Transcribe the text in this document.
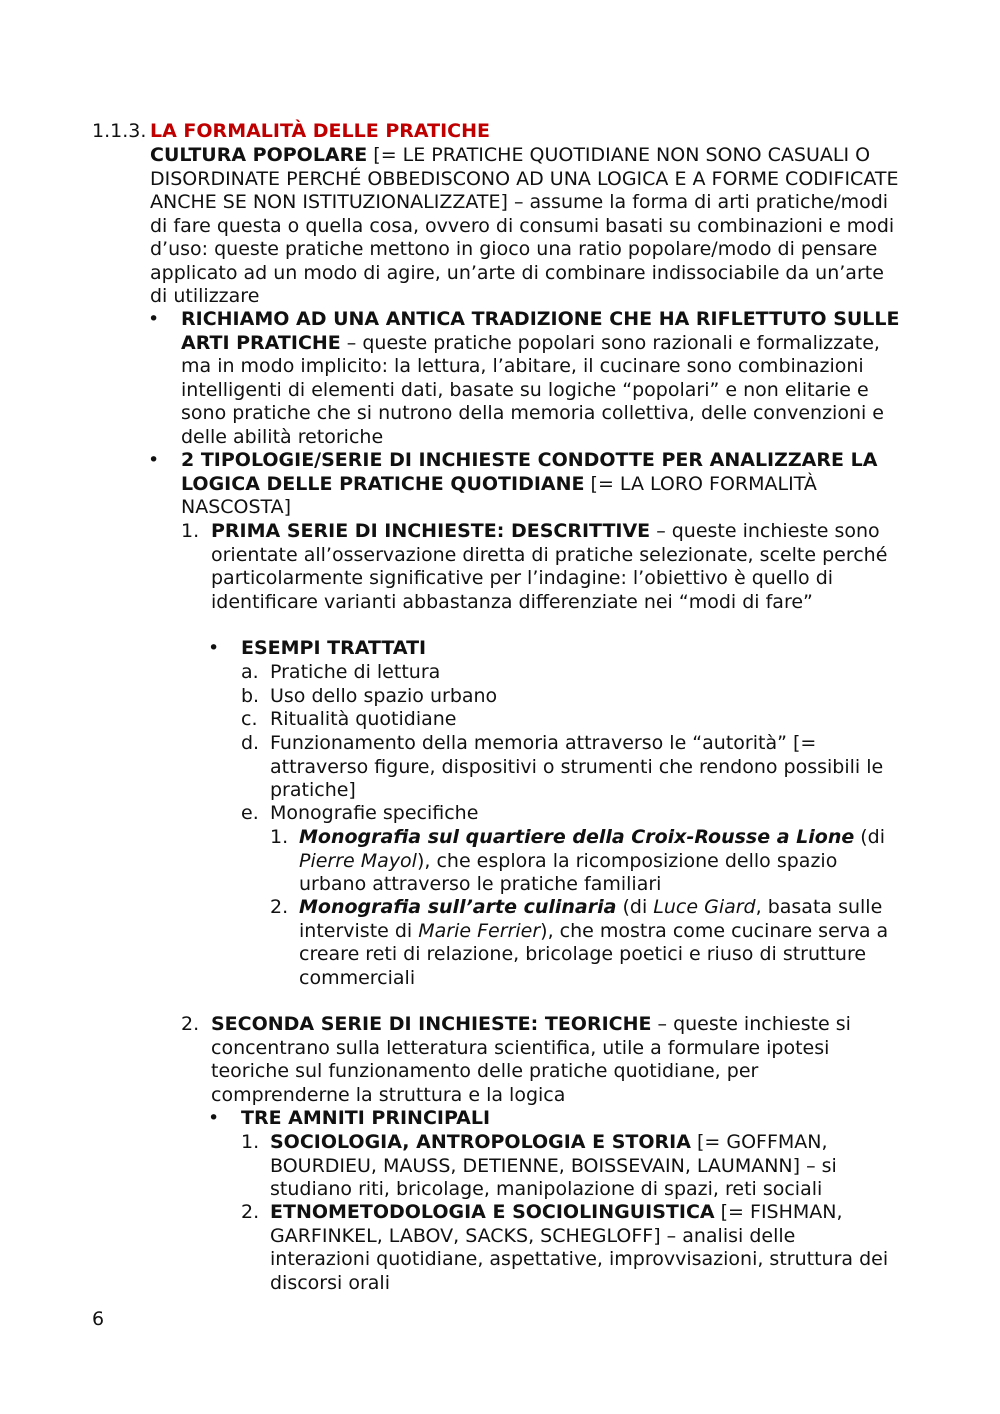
1.1.3. LA FORMALITÀ DELLE PRATICHE
CULTURA POPOLARE [= LE PRATICHE QUOTIDIANE NON SONO CASUALI O DISORDINATE PERCHÉ OBBEDISCONO AD UNA LOGICA E A FORME CODIFICATE ANCHE SE NON ISTITUZIONALIZZATE] – assume la forma di arti pratiche/modi di fare questa o quella cosa, ovvero di consumi basati su combinazioni e modi d’uso: queste pratiche mettono in gioco una ratio popolare/modo di pensare applicato ad un modo di agire, un’arte di combinare indissociabile da un’arte di utilizzare
• RICHIAMO AD UNA ANTICA TRADIZIONE CHE HA RIFLETTUTO SULLE ARTI PRATICHE – queste pratiche popolari sono razionali e formalizzate, ma in modo implicito: la lettura, l’abitare, il cucinare sono combinazioni intelligenti di elementi dati, basate su logiche “popolari” e non elitarie e sono pratiche che si nutrono della memoria collettiva, delle convenzioni e delle abilità retoriche
• 2 TIPOLOGIE/SERIE DI INCHIESTE CONDOTTE PER ANALIZZARE LA LOGICA DELLE PRATICHE QUOTIDIANE [= LA LORO FORMALITÀ NASCOSTA]
1. PRIMA SERIE DI INCHIESTE: DESCRITTIVE – queste inchieste sono orientate all’osservazione diretta di pratiche selezionate, scelte perché particolarmente significative per l’indagine: l’obiettivo è quello di identificare varianti abbastanza differenziate nei “modi di fare”
• ESEMPI TRATTATI
a. Pratiche di lettura
b. Uso dello spazio urbano
c. Ritualità quotidiane
d. Funzionamento della memoria attraverso le “autorità” [= attraverso figure, dispositivi o strumenti che rendono possibili le pratiche]
e. Monografie specifiche
1. Monografia sul quartiere della Croix-Rousse a Lione (di Pierre Mayol), che esplora la ricomposizione dello spazio urbano attraverso le pratiche familiari
2. Monografia sull’arte culinaria (di Luce Giard, basata sulle interviste di Marie Ferrier), che mostra come cucinare serva a creare reti di relazione, bricolage poetici e riuso di strutture commerciali
2. SECONDA SERIE DI INCHIESTE: TEORICHE – queste inchieste si concentrano sulla letteratura scientifica, utile a formulare ipotesi teoriche sul funzionamento delle pratiche quotidiane, per comprenderne la struttura e la logica
• TRE AMNITI PRINCIPALI
1. SOCIOLOGIA, ANTROPOLOGIA E STORIA [= GOFFMAN, BOURDIEU, MAUSS, DETIENNE, BOISSEVAIN, LAUMANN] – si studiano riti, bricolage, manipolazione di spazi, reti sociali
2. ETNOMETODOLOGIA E SOCIOLINGUISTICA [= FISHMAN, GARFINKEL, LABOV, SACKS, SCHEGLOFF] – analisi delle interazioni quotidiane, aspettative, improvvisazioni, struttura dei discorsi orali
6
